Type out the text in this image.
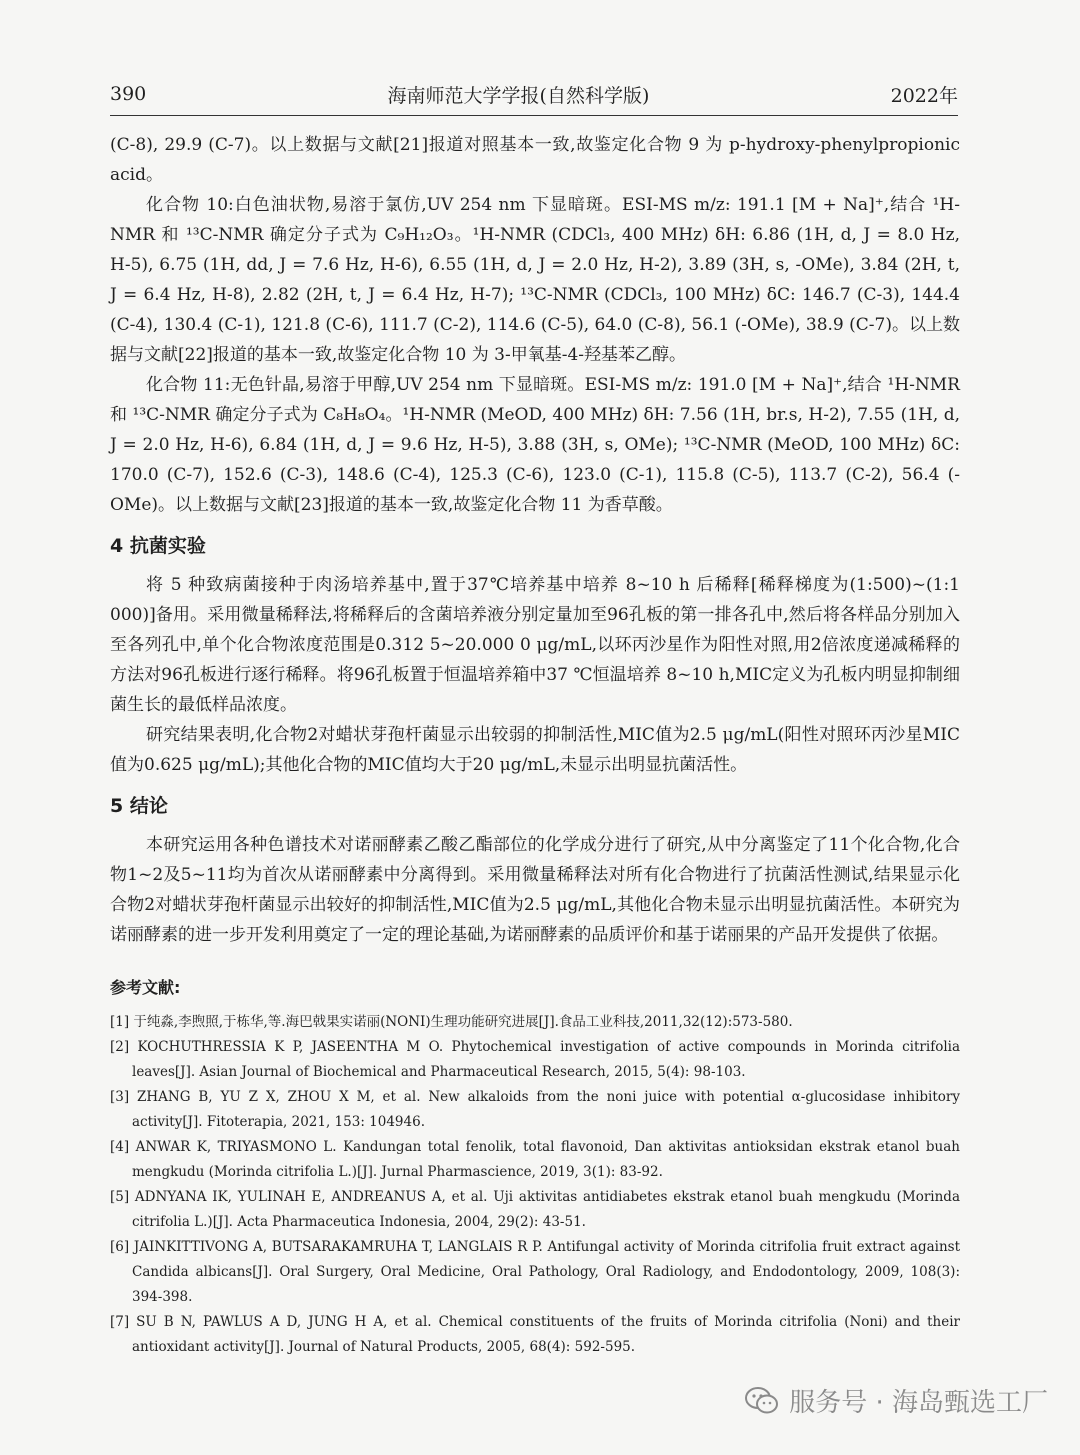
390	海南师范大学学报(自然科学版)	2022年

(C-8), 29.9 (C-7)。以上数据与文献[21]报道对照基本一致,故鉴定化合物 9 为 p-hydroxy-phenylpropionic acid。

化合物 10:白色油状物,易溶于氯仿,UV 254 nm 下显暗斑。ESI-MS m/z: 191.1 [M + Na]⁺,结合 ¹H-NMR 和 ¹³C-NMR 确定分子式为 C₉H₁₂O₃。¹H-NMR (CDCl₃, 400 MHz) δH: 6.86 (1H, d, J = 8.0 Hz, H-5), 6.75 (1H, dd, J = 7.6 Hz, H-6), 6.55 (1H, d, J = 2.0 Hz, H-2), 3.89 (3H, s, -OMe), 3.84 (2H, t, J = 6.4 Hz, H-8), 2.82 (2H, t, J = 6.4 Hz, H-7); ¹³C-NMR (CDCl₃, 100 MHz) δC: 146.7 (C-3), 144.4 (C-4), 130.4 (C-1), 121.8 (C-6), 111.7 (C-2), 114.6 (C-5), 64.0 (C-8), 56.1 (-OMe), 38.9 (C-7)。以上数据与文献[22]报道的基本一致,故鉴定化合物 10 为 3-甲氧基-4-羟基苯乙醇。

化合物 11:无色针晶,易溶于甲醇,UV 254 nm 下显暗斑。ESI-MS m/z: 191.0 [M + Na]⁺,结合 ¹H-NMR 和 ¹³C-NMR 确定分子式为 C₈H₈O₄。¹H-NMR (MeOD, 400 MHz) δH: 7.56 (1H, br.s, H-2), 7.55 (1H, d, J = 2.0 Hz, H-6), 6.84 (1H, d, J = 9.6 Hz, H-5), 3.88 (3H, s, OMe); ¹³C-NMR (MeOD, 100 MHz) δC: 170.0 (C-7), 152.6 (C-3), 148.6 (C-4), 125.3 (C-6), 123.0 (C-1), 115.8 (C-5), 113.7 (C-2), 56.4 (-OMe)。以上数据与文献[23]报道的基本一致,故鉴定化合物 11 为香草酸。

4 抗菌实验

将 5 种致病菌接种于肉汤培养基中,置于37℃培养基中培养 8~10 h 后稀释[稀释梯度为(1:500)~(1:1 000)]备用。采用微量稀释法,将稀释后的含菌培养液分别定量加至96孔板的第一排各孔中,然后将各样品分别加入至各列孔中,单个化合物浓度范围是0.312 5~20.000 0 μg/mL,以环丙沙星作为阳性对照,用2倍浓度递减稀释的方法对96孔板进行逐行稀释。将96孔板置于恒温培养箱中37 ℃恒温培养 8~10 h,MIC定义为孔板内明显抑制细菌生长的最低样品浓度。

研究结果表明,化合物2对蜡状芽孢杆菌显示出较弱的抑制活性,MIC值为2.5 μg/mL(阳性对照环丙沙星MIC值为0.625 μg/mL);其他化合物的MIC值均大于20 μg/mL,未显示出明显抗菌活性。

5 结论

本研究运用各种色谱技术对诺丽酵素乙酸乙酯部位的化学成分进行了研究,从中分离鉴定了11个化合物,化合物1~2及5~11均为首次从诺丽酵素中分离得到。采用微量稀释法对所有化合物进行了抗菌活性测试,结果显示化合物2对蜡状芽孢杆菌显示出较好的抑制活性,MIC值为2.5 μg/mL,其他化合物未显示出明显抗菌活性。本研究为诺丽酵素的进一步开发利用奠定了一定的理论基础,为诺丽酵素的品质评价和基于诺丽果的产品开发提供了依据。

参考文献:

[1] 于纯淼,李煦照,于栋华,等.海巴戟果实诺丽(NONI)生理功能研究进展[J].食品工业科技,2011,32(12):573-580.

[2] KOCHUTHRESSIA K P, JASEENTHA M O. Phytochemical investigation of active compounds in Morinda citrifolia leaves[J]. Asian Journal of Biochemical and Pharmaceutical Research, 2015, 5(4): 98-103.

[3] ZHANG B, YU Z X, ZHOU X M, et al. New alkaloids from the noni juice with potential α-glucosidase inhibitory activity[J]. Fitoterapia, 2021, 153: 104946.

[4] ANWAR K, TRIYASMONO L. Kandungan total fenolik, total flavonoid, Dan aktivitas antioksidan ekstrak etanol buah mengkudu (Morinda citrifolia L.)[J]. Jurnal Pharmascience, 2019, 3(1): 83-92.

[5] ADNYANA IK, YULINAH E, ANDREANUS A, et al. Uji aktivitas antidiabetes ekstrak etanol buah mengkudu (Morinda citrifolia L.)[J]. Acta Pharmaceutica Indonesia, 2004, 29(2): 43-51.

[6] JAINKITTIVONG A, BUTSARAKAMRUHA T, LANGLAIS R P. Antifungal activity of Morinda citrifolia fruit extract against Candida albicans[J]. Oral Surgery, Oral Medicine, Oral Pathology, Oral Radiology, and Endodontology, 2009, 108(3): 394-398.

[7] SU B N, PAWLUS A D, JUNG H A, et al. Chemical constituents of the fruits of Morinda citrifolia (Noni) and their antioxidant activity[J]. Journal of Natural Products, 2005, 68(4): 592-595.

服务号 · 海岛甄选工厂
